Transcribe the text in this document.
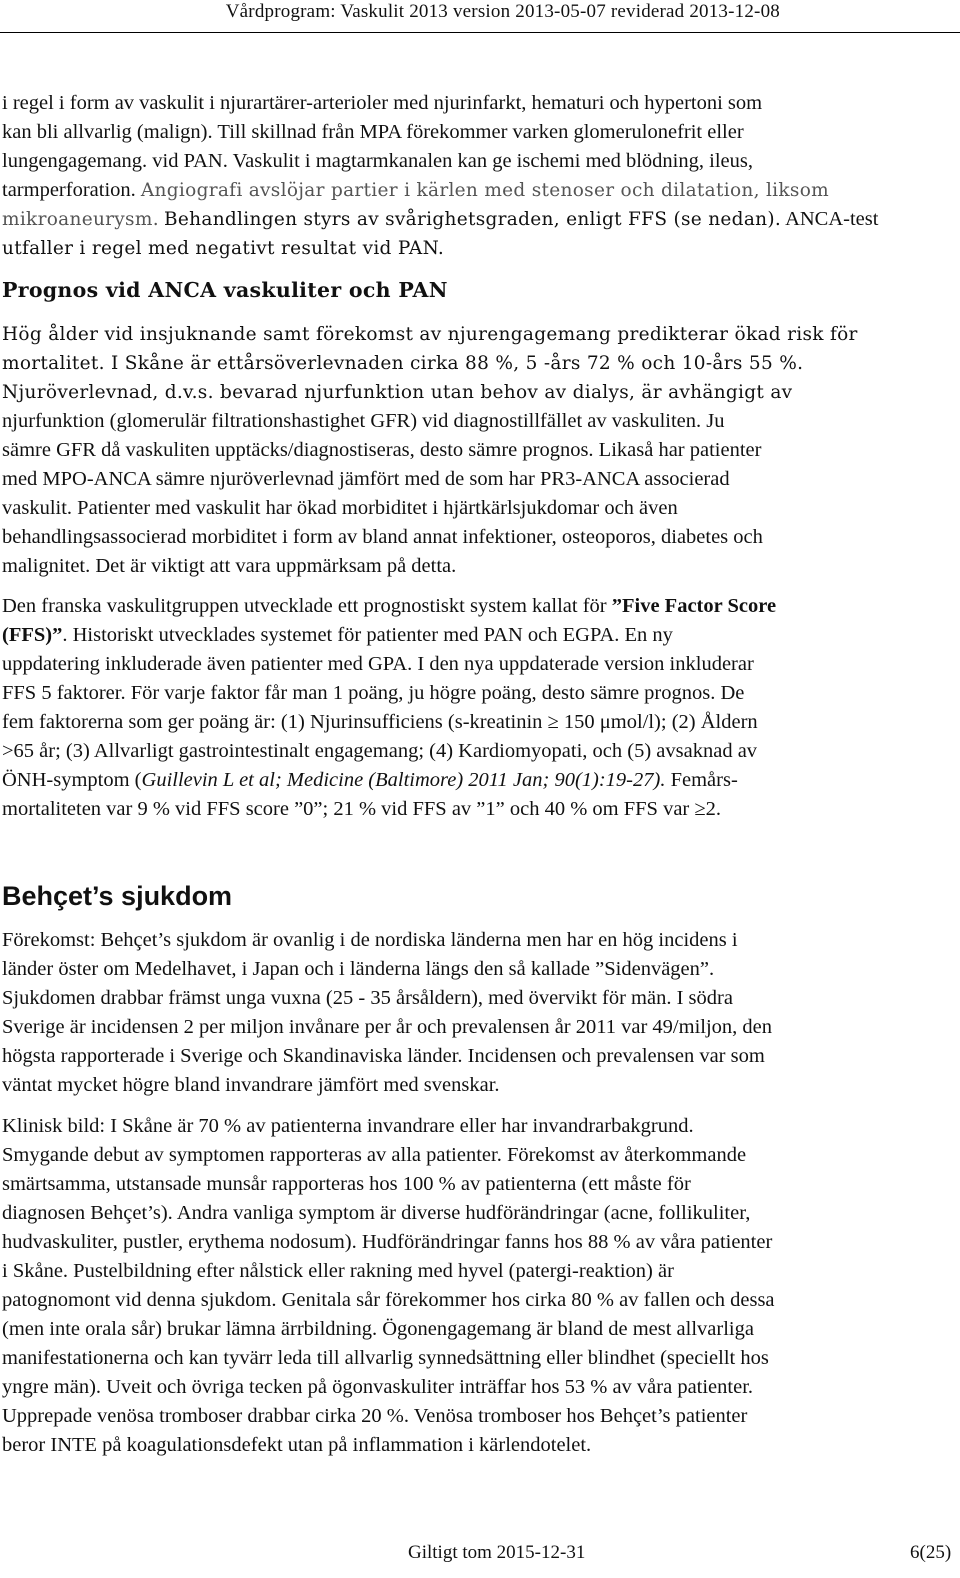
Vårdprogram: Vaskulit 2013 version 2013-05-07 reviderad 2013-12-08

i regel i form av vaskulit i njurartärer-arterioler med njurinfarkt, hematuri och hypertoni som
kan bli allvarlig (malign). Till skillnad från MPA förekommer varken glomerulonefrit eller
lungengagemang. vid PAN. Vaskulit i magtarmkanalen kan ge ischemi med blödning, ileus,
tarmperforation. Angiografi avslöjar partier i kärlen med stenoser och dilatation, liksom
mikroaneurysm. Behandlingen styrs av svårighetsgraden, enligt FFS (se nedan). ANCA-test
utfaller i regel med negativt resultat vid PAN.

Prognos vid ANCA vaskuliter och PAN

Hög ålder vid insjuknande samt förekomst av njurengagemang predikterar ökad risk för
mortalitet. I Skåne är ettårsöverlevnaden cirka 88 %, 5 -års 72 % och 10-års 55 %.
Njuröverlevnad, d.v.s. bevarad njurfunktion utan behov av dialys, är avhängigt av
njurfunktion (glomerulär filtrationshastighet GFR) vid diagnostillfället av vaskuliten. Ju
sämre GFR då vaskuliten upptäcks/diagnostiseras, desto sämre prognos. Likaså har patienter
med MPO-ANCA sämre njuröverlevnad jämfört med de som har PR3-ANCA associerad
vaskulit. Patienter med vaskulit har ökad morbiditet i hjärtkärlsjukdomar och även
behandlingsassocierad morbiditet i form av bland annat infektioner, osteoporos, diabetes och
malignitet. Det är viktigt att vara uppmärksam på detta.

Den franska vaskulitgruppen utvecklade ett prognostiskt system kallat för ”Five Factor Score
(FFS)”. Historiskt utvecklades systemet för patienter med PAN och EGPA. En ny
uppdatering inkluderade även patienter med GPA. I den nya uppdaterade version inkluderar
FFS 5 faktorer. För varje faktor får man 1 poäng, ju högre poäng, desto sämre prognos. De
fem faktorerna som ger poäng är: (1) Njurinsufficiens (s-kreatinin ≥ 150 μmol/l); (2) Åldern
>65 år; (3) Allvarligt gastrointestinalt engagemang; (4) Kardiomyopati, och (5) avsaknad av
ÖNH-symptom (Guillevin L et al; Medicine (Baltimore) 2011 Jan; 90(1):19-27). Femårs-
mortaliteten var 9 % vid FFS score ”0”; 21 % vid FFS av ”1” och 40 % om FFS var ≥2.

Behçet’s sjukdom

Förekomst: Behçet’s sjukdom är ovanlig i de nordiska länderna men har en hög incidens i
länder öster om Medelhavet, i Japan och i länderna längs den så kallade ”Sidenvägen”.
Sjukdomen drabbar främst unga vuxna (25 - 35 årsåldern), med övervikt för män. I södra
Sverige är incidensen 2 per miljon invånare per år och prevalensen år 2011 var 49/miljon, den
högsta rapporterade i Sverige och Skandinaviska länder. Incidensen och prevalensen var som
väntat mycket högre bland invandrare jämfört med svenskar.

Klinisk bild: I Skåne är 70 % av patienterna invandrare eller har invandrarbakgrund.
Smygande debut av symptomen rapporteras av alla patienter. Förekomst av återkommande
smärtsamma, utstansade munsår rapporteras hos 100 % av patienterna (ett måste för
diagnosen Behçet’s). Andra vanliga symptom är diverse hudförändringar (acne, follikuliter,
hudvaskuliter, pustler, erythema nodosum). Hudförändringar fanns hos 88 % av våra patienter
i Skåne. Pustelbildning efter nålstick eller rakning med hyvel (patergi-reaktion) är
patognomont vid denna sjukdom. Genitala sår förekommer hos cirka 80 % av fallen och dessa
(men inte orala sår) brukar lämna ärrbildning. Ögonengagemang är bland de mest allvarliga
manifestationerna och kan tyvärr leda till allvarlig synnedsättning eller blindhet (speciellt hos
yngre män). Uveit och övriga tecken på ögonvaskuliter inträffar hos 53 % av våra patienter.
Upprepade venösa tromboser drabbar cirka 20 %. Venösa tromboser hos Behçet’s patienter
beror INTE på koagulationsdefekt utan på inflammation i kärlendotelet.

Giltigt tom 2015-12-31	6(25)
